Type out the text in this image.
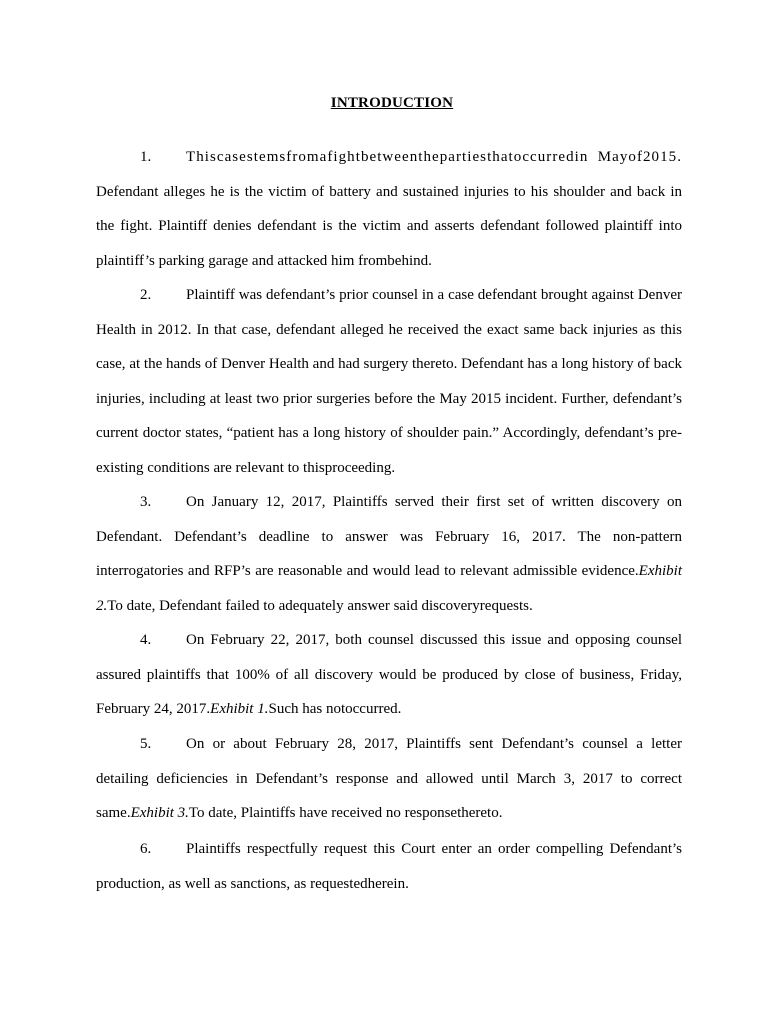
INTRODUCTION

1. Thiscasestemsfromafightbetweenthepartiesthatoccurredin Mayof2015. Defendant alleges he is the victim of battery and sustained injuries to his shoulder and back in the fight. Plaintiff denies defendant is the victim and asserts defendant followed plaintiff into plaintiff’s parking garage and attacked him frombehind.

2. Plaintiff was defendant’s prior counsel in a case defendant brought against Denver Health in 2012. In that case, defendant alleged he received the exact same back injuries as this case, at the hands of Denver Health and had surgery thereto. Defendant has a long history of back injuries, including at least two prior surgeries before the May 2015 incident. Further, defendant’s current doctor states, “patient has a long history of shoulder pain.” Accordingly, defendant’s pre-existing conditions are relevant to thisproceeding.

3. On January 12, 2017, Plaintiffs served their first set of written discovery on Defendant. Defendant’s deadline to answer was February 16, 2017. The non-pattern interrogatories and RFP’s are reasonable and would lead to relevant admissible evidence.Exhibit 2.To date, Defendant failed to adequately answer said discoveryrequests.

4. On February 22, 2017, both counsel discussed this issue and opposing counsel assured plaintiffs that 100% of all discovery would be produced by close of business, Friday, February 24, 2017.Exhibit 1.Such has notoccurred.

5. On or about February 28, 2017, Plaintiffs sent Defendant’s counsel a letter detailing deficiencies in Defendant’s response and allowed until March 3, 2017 to correct same.Exhibit 3.To date, Plaintiffs have received no responsethereto.

6. Plaintiffs respectfully request this Court enter an order compelling Defendant’s production, as well as sanctions, as requestedherein.
